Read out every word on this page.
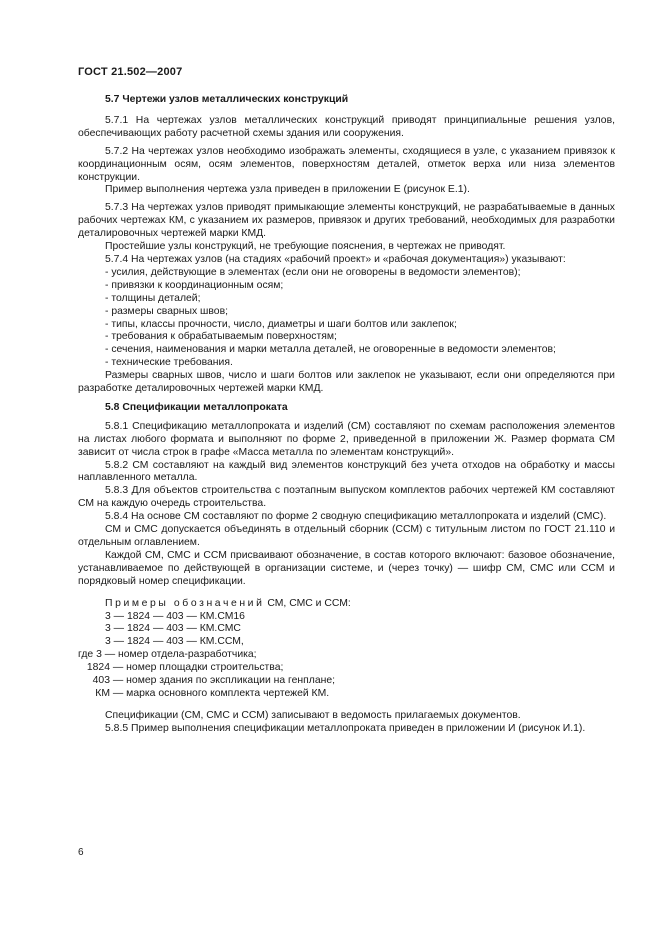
ГОСТ 21.502—2007

5.7 Чертежи узлов металлических конструкций

5.7.1 На чертежах узлов металлических конструкций приводят принципиальные решения узлов, обеспечивающих работу расчетной схемы здания или сооружения.

5.7.2 На чертежах узлов необходимо изображать элементы, сходящиеся в узле, с указанием привязок к координационным осям, осям элементов, поверхностям деталей, отметок верха или низа элементов конструкции.

Пример выполнения чертежа узла приведен в приложении Е (рисунок Е.1).

5.7.3 На чертежах узлов приводят примыкающие элементы конструкций, не разрабатываемые в данных рабочих чертежах КМ, с указанием их размеров, привязок и других требований, необходимых для разработки деталировочных чертежей марки КМД.

Простейшие узлы конструкций, не требующие пояснения, в чертежах не приводят.

5.7.4 На чертежах узлов (на стадиях «рабочий проект» и «рабочая документация») указывают:

- усилия, действующие в элементах (если они не оговорены в ведомости элементов);

- привязки к координационным осям;

- толщины деталей;

- размеры сварных швов;

- типы, классы прочности, число, диаметры и шаги болтов или заклепок;

- требования к обрабатываемым поверхностям;

- сечения, наименования и марки металла деталей, не оговоренные в ведомости элементов;

- технические требования.

Размеры сварных швов, число и шаги болтов или заклепок не указывают, если они определяются при разработке деталировочных чертежей марки КМД.

5.8 Спецификации металлопроката

5.8.1 Спецификацию металлопроката и изделий (СМ) составляют по схемам расположения элементов на листах любого формата и выполняют по форме 2, приведенной в приложении Ж. Размер формата СМ зависит от числа строк в графе «Масса металла по элементам конструкций».

5.8.2 СМ составляют на каждый вид элементов конструкций без учета отходов на обработку и массы наплавленного металла.

5.8.3 Для объектов строительства с поэтапным выпуском комплектов рабочих чертежей КМ составляют СМ на каждую очередь строительства.

5.8.4 На основе СМ составляют по форме 2 сводную спецификацию металлопроката и изделий (СМС).

СМ и СМС допускается объединять в отдельный сборник (ССМ) с титульным листом по ГОСТ 21.110 и отдельным оглавлением.

Каждой СМ, СМС и ССМ присваивают обозначение, в состав которого включают: базовое обозначение, устанавливаемое по действующей в организации системе, и (через точку) — шифр СМ, СМС или ССМ и порядковый номер спецификации.

Примеры обозначений СМ, СМС и ССМ:

3 — 1824 — 403 — КМ.СМ16

3 — 1824 — 403 — КМ.СМС

3 — 1824 — 403 — КМ.ССМ,

где 3 — номер отдела-разработчика;

1824 — номер площадки строительства;

403 — номер здания по экспликации на генплане;

КМ — марка основного комплекта чертежей КМ.

Спецификации (СМ, СМС и ССМ) записывают в ведомость прилагаемых документов.

5.8.5 Пример выполнения спецификации металлопроката приведен в приложении И (рисунок И.1).

6
